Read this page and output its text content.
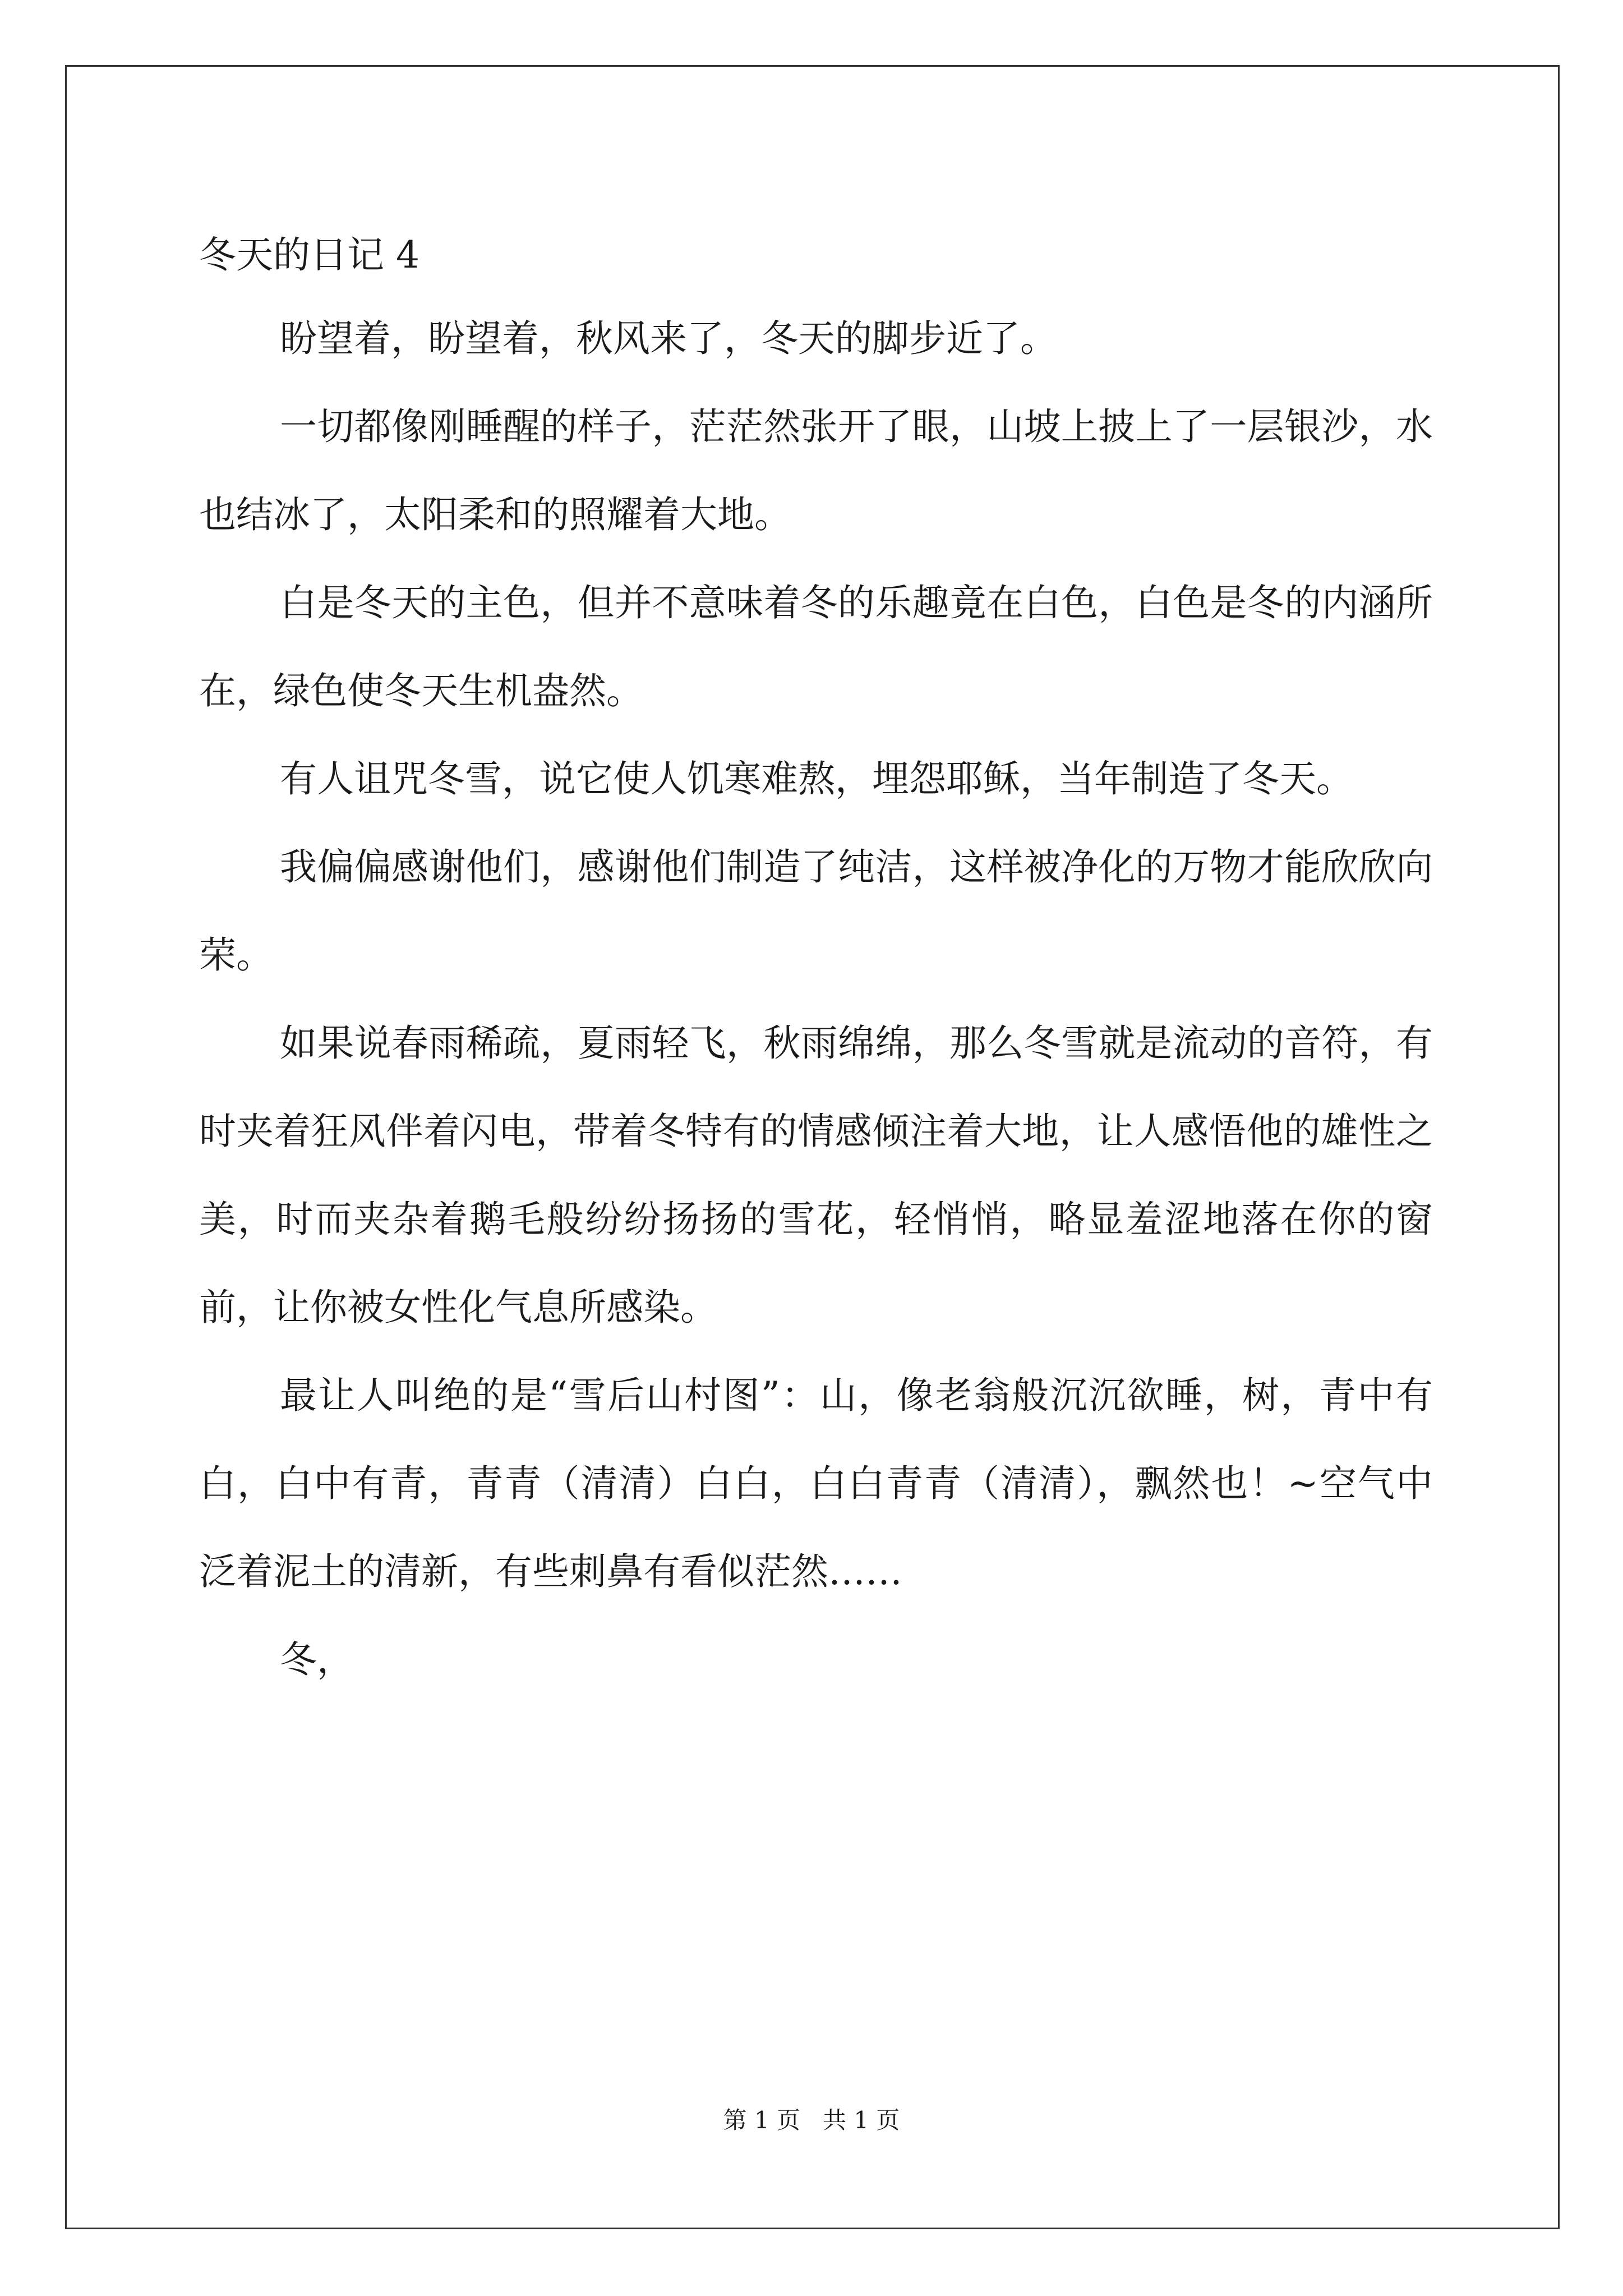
冬天的日记 4

盼望着，盼望着，秋风来了，冬天的脚步近了。

一切都像刚睡醒的样子，茫茫然张开了眼，山坡上披上了一层银沙，水也结冰了，太阳柔和的照耀着大地。

白是冬天的主色，但并不意味着冬的乐趣竟在白色，白色是冬的内涵所在，绿色使冬天生机盎然。

有人诅咒冬雪，说它使人饥寒难熬，埋怨耶稣，当年制造了冬天。

我偏偏感谢他们，感谢他们制造了纯洁，这样被净化的万物才能欣欣向荣。

如果说春雨稀疏，夏雨轻飞，秋雨绵绵，那么冬雪就是流动的音符，有时夹着狂风伴着闪电，带着冬特有的情感倾注着大地，让人感悟他的雄性之美，时而夹杂着鹅毛般纷纷扬扬的雪花，轻悄悄，略显羞涩地落在你的窗前，让你被女性化气息所感染。

最让人叫绝的是“雪后山村图”：山，像老翁般沉沉欲睡，树，青中有白，白中有青，青青（清清）白白，白白青青（清清），飘然也！~空气中泛着泥土的清新，有些刺鼻有看似茫然……

冬，

第 1 页 共 1 页
